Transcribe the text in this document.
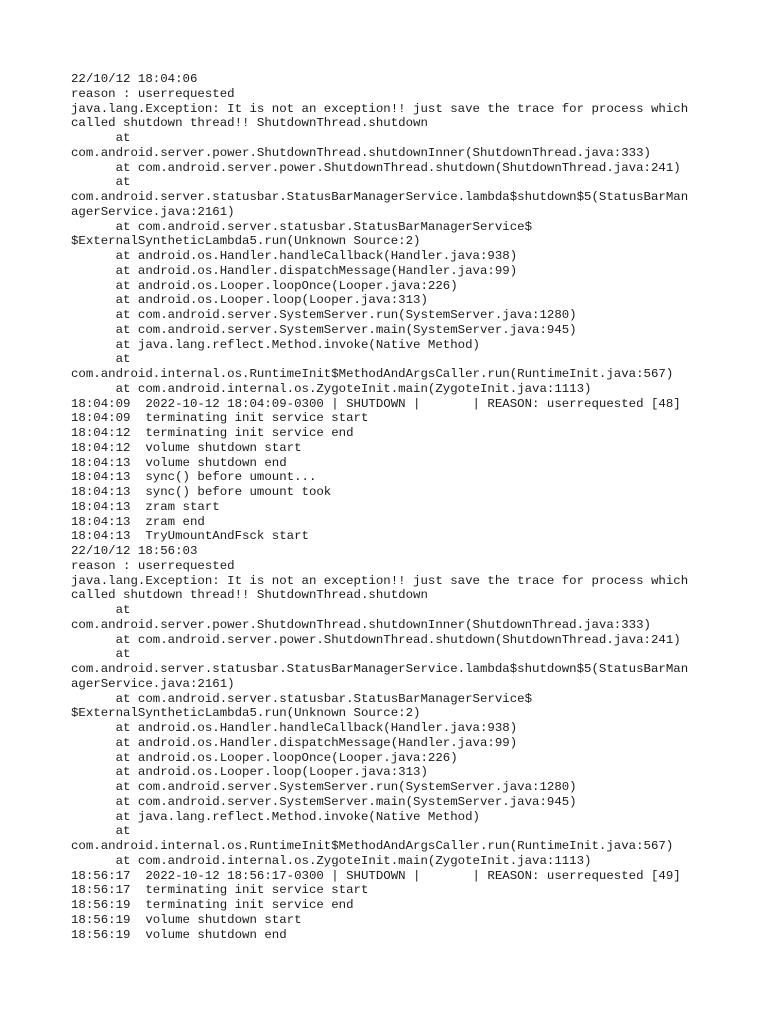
22/10/12 18:04:06
reason : userrequested
java.lang.Exception: It is not an exception!! just save the trace for process which
called shutdown thread!! ShutdownThread.shutdown
at
com.android.server.power.ShutdownThread.shutdownInner(ShutdownThread.java:333)
at com.android.server.power.ShutdownThread.shutdown(ShutdownThread.java:241)
at
com.android.server.statusbar.StatusBarManagerService.lambda$shutdown$5(StatusBarMan
agerService.java:2161)
at com.android.server.statusbar.StatusBarManagerService$
$ExternalSyntheticLambda5.run(Unknown Source:2)
at android.os.Handler.handleCallback(Handler.java:938)
at android.os.Handler.dispatchMessage(Handler.java:99)
at android.os.Looper.loopOnce(Looper.java:226)
at android.os.Looper.loop(Looper.java:313)
at com.android.server.SystemServer.run(SystemServer.java:1280)
at com.android.server.SystemServer.main(SystemServer.java:945)
at java.lang.reflect.Method.invoke(Native Method)
at
com.android.internal.os.RuntimeInit$MethodAndArgsCaller.run(RuntimeInit.java:567)
at com.android.internal.os.ZygoteInit.main(ZygoteInit.java:1113)
18:04:09  2022-10-12 18:04:09-0300 | SHUTDOWN |       | REASON: userrequested [48]
18:04:09  terminating init service start
18:04:12  terminating init service end
18:04:12  volume shutdown start
18:04:13  volume shutdown end
18:04:13  sync() before umount...
18:04:13  sync() before umount took
18:04:13  zram start
18:04:13  zram end
18:04:13  TryUmountAndFsck start
22/10/12 18:56:03
reason : userrequested
java.lang.Exception: It is not an exception!! just save the trace for process which
called shutdown thread!! ShutdownThread.shutdown
at
com.android.server.power.ShutdownThread.shutdownInner(ShutdownThread.java:333)
at com.android.server.power.ShutdownThread.shutdown(ShutdownThread.java:241)
at
com.android.server.statusbar.StatusBarManagerService.lambda$shutdown$5(StatusBarMan
agerService.java:2161)
at com.android.server.statusbar.StatusBarManagerService$
$ExternalSyntheticLambda5.run(Unknown Source:2)
at android.os.Handler.handleCallback(Handler.java:938)
at android.os.Handler.dispatchMessage(Handler.java:99)
at android.os.Looper.loopOnce(Looper.java:226)
at android.os.Looper.loop(Looper.java:313)
at com.android.server.SystemServer.run(SystemServer.java:1280)
at com.android.server.SystemServer.main(SystemServer.java:945)
at java.lang.reflect.Method.invoke(Native Method)
at
com.android.internal.os.RuntimeInit$MethodAndArgsCaller.run(RuntimeInit.java:567)
at com.android.internal.os.ZygoteInit.main(ZygoteInit.java:1113)
18:56:17  2022-10-12 18:56:17-0300 | SHUTDOWN |       | REASON: userrequested [49]
18:56:17  terminating init service start
18:56:19  terminating init service end
18:56:19  volume shutdown start
18:56:19  volume shutdown end
